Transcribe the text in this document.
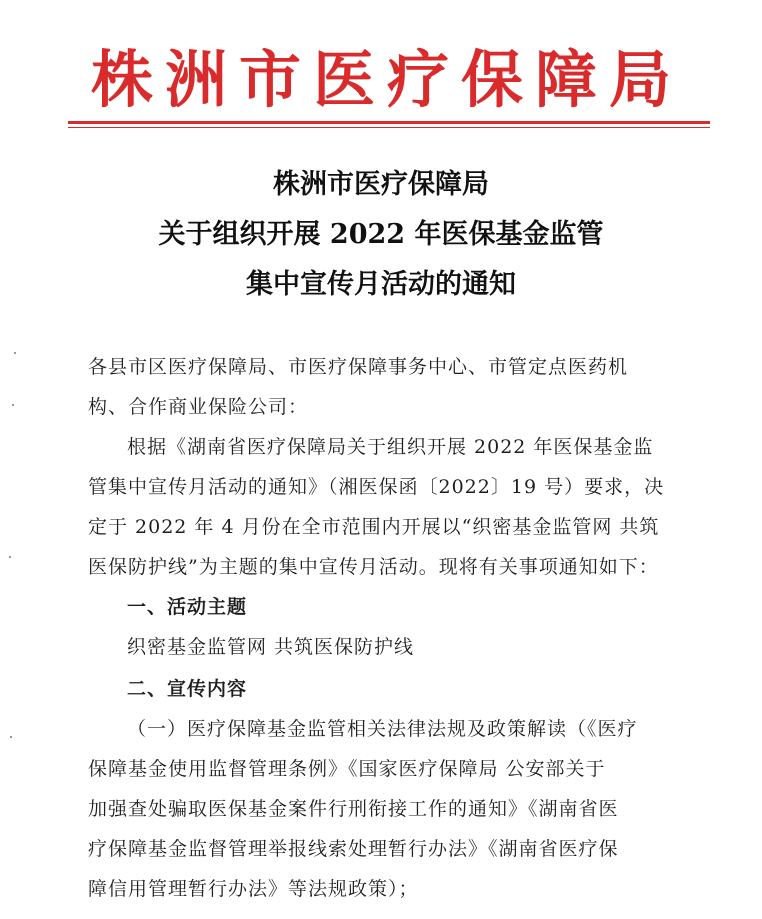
株洲市医疗保障局
株洲市医疗保障局
关于组织开展 2022 年医保基金监管
集中宣传月活动的通知
各县市区医疗保障局、市医疗保障事务中心、市管定点医药机
构、合作商业保险公司：
根据《湖南省医疗保障局关于组织开展 2022 年医保基金监
管集中宣传月活动的通知》（湘医保函〔2022〕19 号）要求，决
定于 2022 年 4 月份在全市范围内开展以“织密基金监管网 共筑
医保防护线”为主题的集中宣传月活动。现将有关事项通知如下：
一、活动主题
织密基金监管网 共筑医保防护线
二、宣传内容
（一）医疗保障基金监管相关法律法规及政策解读（《医疗
保障基金使用监督管理条例》《国家医疗保障局 公安部关于
加强查处骗取医保基金案件行刑衔接工作的通知》《湖南省医
疗保障基金监督管理举报线索处理暂行办法》《湖南省医疗保
障信用管理暂行办法》等法规政策）；
